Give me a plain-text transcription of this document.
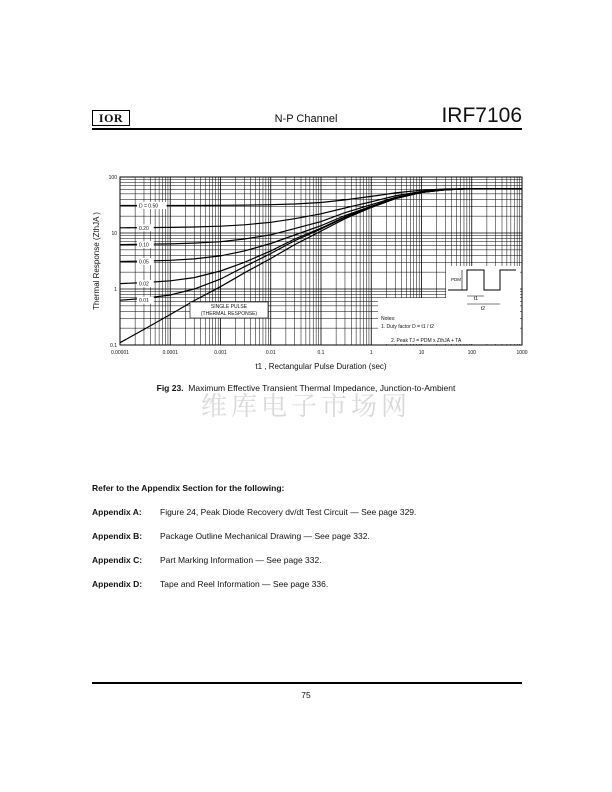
IOR	N-P Channel	IRF7106
0.00001	0.0001	0.001	0.01	0.1	1	10	100	1000
0.1
1
10
100
t1 , Rectangular Pulse Duration (sec)
Thermal Response (ZthJA )
D = 0.50
0.20
0.10
0.05
0.02
0.01
SINGLE PULSE
(THERMAL RESPONSE)
Notes:
1. Duty factor D = t1 / t2
2. Peak TJ = PDM x ZthJA + TA
PDM
t1
t2
Fig 23. Maximum Effective Transient Thermal Impedance, Junction-to-Ambient
维库电子市场网
Refer to the Appendix Section for the following:
Appendix A: Figure 24, Peak Diode Recovery dv/dt Test Circuit — See page 329.
Appendix B: Package Outline Mechanical Drawing — See page 332.
Appendix C: Part Marking Information — See page 332.
Appendix D: Tape and Reel Information — See page 336.
75
